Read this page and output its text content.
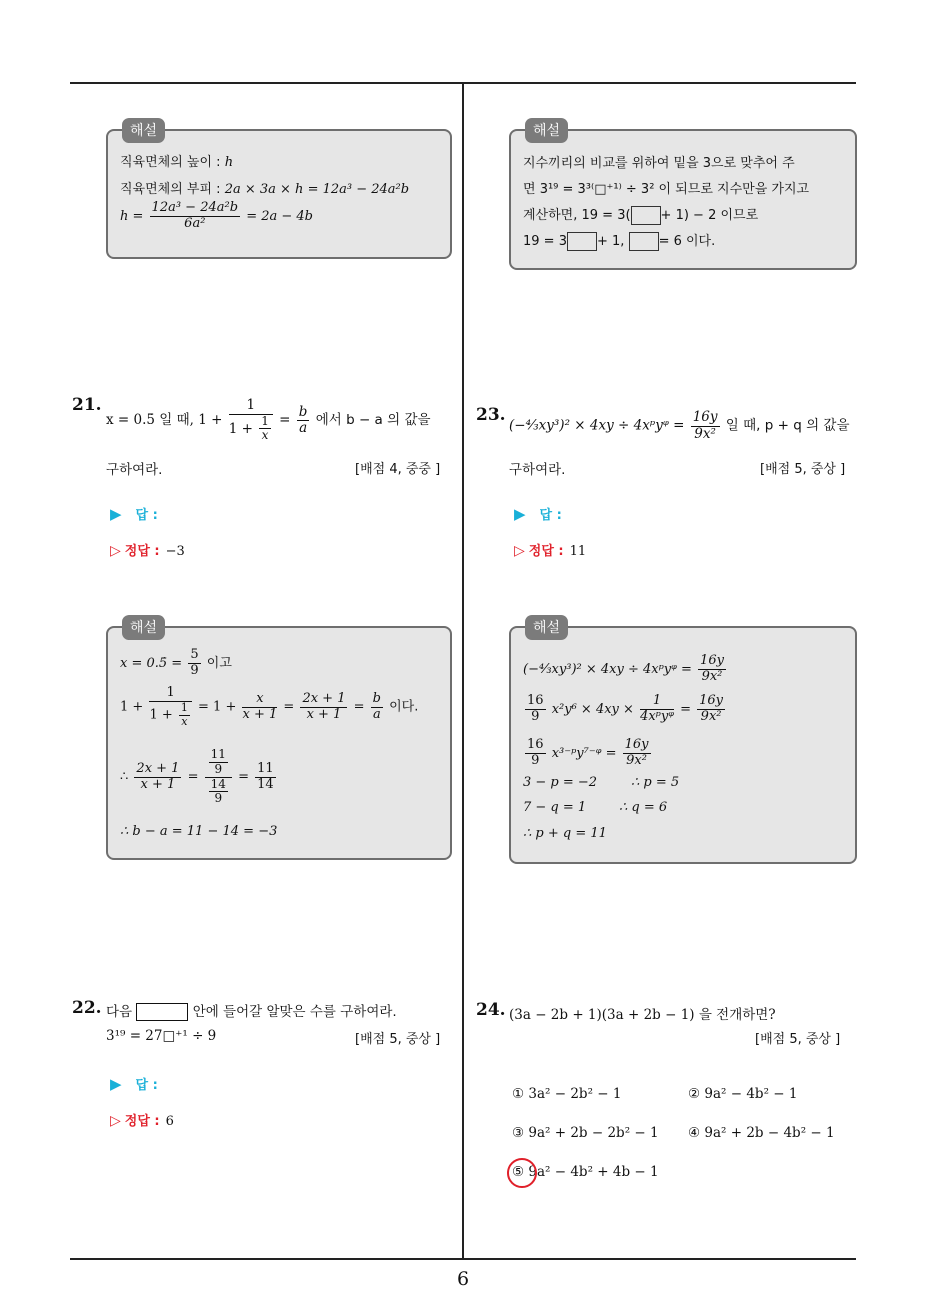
해설
직육면체의 높이 : h
직육면체의 부피 : 2a × 3a × h = 12a³ − 24a²b
$h = \frac{\text{12a³ − 24a²b}}{\text{6a²}} = 2a - 4b$
해설
지수끼리의 비교를 위하여 밑을 3으로 맞추어 주
면 3¹⁹ = 3³⁽□⁺¹⁾ ÷ 3² 이 되므로 지수만을 가지고
계산하면, 19 = 3( + 1) − 2 이므로
19 = 3 + 1,	= 6 이다.
21.
x = 0.5̇ 일 때, $1 + \frac{1}{1 + \frac{1}{x}} = \frac{b}{a}$ 에서 b − a 의 값을
구하여라.	[배점 4, 중중 ]
▶ 답 :
▷ 정답 : −3
해설
x = 0.5̇ = $\frac{5}{9}$ 이고
$1 + \frac{1}{1 + \frac{1}{x}} = 1 + \frac{x}{x + 1} = \frac{2x + 1}{x + 1} = \frac{b}{a}$ 이다.
∴ $\frac{2x + 1}{x + 1} = \frac{\frac{11}{9}}{\frac{14}{9}} = \frac{11}{14}$
∴ b − a = 11 − 14 = −3
23.
(−⁴⁄₃xy³)² × 4xy ÷ 4xᵖyᵠ = $\frac{16y}{\text{9x²}}$ 일 때, p + q 의 값을
구하여라.	[배점 5, 중상 ]
▶ 답 :
▷ 정답 : 11
해설
(−⁴⁄₃xy³)² × 4xy ÷ 4xᵖyᵠ = $\frac{16y}{\text{9x²}}$
$\frac{16}{9} x^2y^6 \times 4xy \times \frac{1}{\text{4xᵖyᵠ}} = \frac{16y}{\text{9x²}}$
$\frac{16}{9}$ x³⁻ᵖy⁷⁻ᵠ = $\frac{16y}{\text{9x²}}$
3 − p = −2	∴ p = 5
7 − q = 1	∴ q = 6
∴ p + q = 11
22. 다음	안에 들어갈 알맞은 수를 구하여라.
3¹⁹ = 27□⁺¹ ÷ 9	[배점 5, 중상 ]
▶ 답 :
▷ 정답 : 6
24. (3a − 2b + 1)(3a + 2b − 1) 을 전개하면?
[배점 5, 중상 ]
① 3a² − 2b² − 1	② 9a² − 4b² − 1
③ 9a² + 2b − 2b² − 1 ④ 9a² + 2b − 4b² − 1
⑤ 9a² − 4b² + 4b − 1
6
